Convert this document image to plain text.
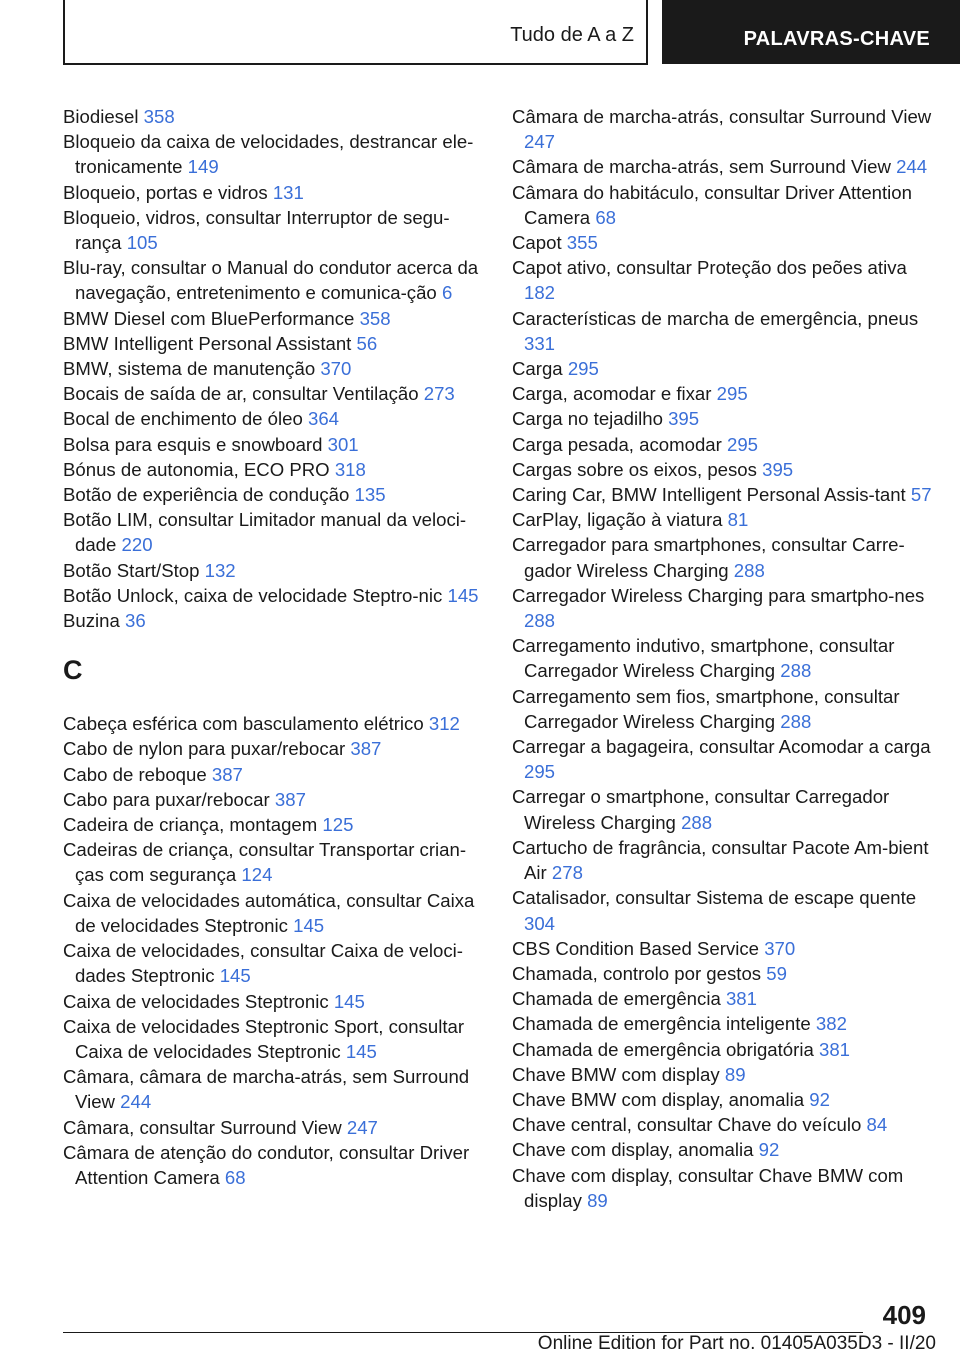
Tudo de A a Z	PALAVRAS-CHAVE
Biodiesel 358
Bloqueio da caixa de velocidades, destrancar ele‐tronicamente 149
Bloqueio, portas e vidros 131
Bloqueio, vidros, consultar Interruptor de segu‐rança 105
Blu-ray, consultar o Manual do condutor acerca da navegação, entretenimento e comunica‐ção 6
BMW Diesel com BluePerformance 358
BMW Intelligent Personal Assistant 56
BMW, sistema de manutenção 370
Bocais de saída de ar, consultar Ventilação 273
Bocal de enchimento de óleo 364
Bolsa para esquis e snowboard 301
Bónus de autonomia, ECO PRO 318
Botão de experiência de condução 135
Botão LIM, consultar Limitador manual da veloci‐dade 220
Botão Start/Stop 132
Botão Unlock, caixa de velocidade Steptro‐nic 145
Buzina 36
C
Cabeça esférica com basculamento elétrico 312
Cabo de nylon para puxar/rebocar 387
Cabo de reboque 387
Cabo para puxar/rebocar 387
Cadeira de criança, montagem 125
Cadeiras de criança, consultar Transportar crian‐ças com segurança 124
Caixa de velocidades automática, consultar Caixa de velocidades Steptronic 145
Caixa de velocidades, consultar Caixa de veloci‐dades Steptronic 145
Caixa de velocidades Steptronic 145
Caixa de velocidades Steptronic Sport, consultar Caixa de velocidades Steptronic 145
Câmara, câmara de marcha-atrás, sem Surround View 244
Câmara, consultar Surround View 247
Câmara de atenção do condutor, consultar Driver Attention Camera 68
Câmara de marcha-atrás, consultar Surround View 247
Câmara de marcha-atrás, sem Surround View 244
Câmara do habitáculo, consultar Driver Attention Camera 68
Capot 355
Capot ativo, consultar Proteção dos peões ativa 182
Características de marcha de emergência, pneus 331
Carga 295
Carga, acomodar e fixar 295
Carga no tejadilho 395
Carga pesada, acomodar 295
Cargas sobre os eixos, pesos 395
Caring Car, BMW Intelligent Personal Assis‐tant 57
CarPlay, ligação à viatura 81
Carregador para smartphones, consultar Carre‐gador Wireless Charging 288
Carregador Wireless Charging para smartpho‐nes 288
Carregamento indutivo, smartphone, consultar Carregador Wireless Charging 288
Carregamento sem fios, smartphone, consultar Carregador Wireless Charging 288
Carregar a bagageira, consultar Acomodar a carga 295
Carregar o smartphone, consultar Carregador Wireless Charging 288
Cartucho de fragrância, consultar Pacote Am‐bient Air 278
Catalisador, consultar Sistema de escape quente 304
CBS Condition Based Service 370
Chamada, controlo por gestos 59
Chamada de emergência 381
Chamada de emergência inteligente 382
Chamada de emergência obrigatória 381
Chave BMW com display 89
Chave BMW com display, anomalia 92
Chave central, consultar Chave do veículo 84
Chave com display, anomalia 92
Chave com display, consultar Chave BMW com display 89
409
Online Edition for Part no. 01405A035D3 - II/20
